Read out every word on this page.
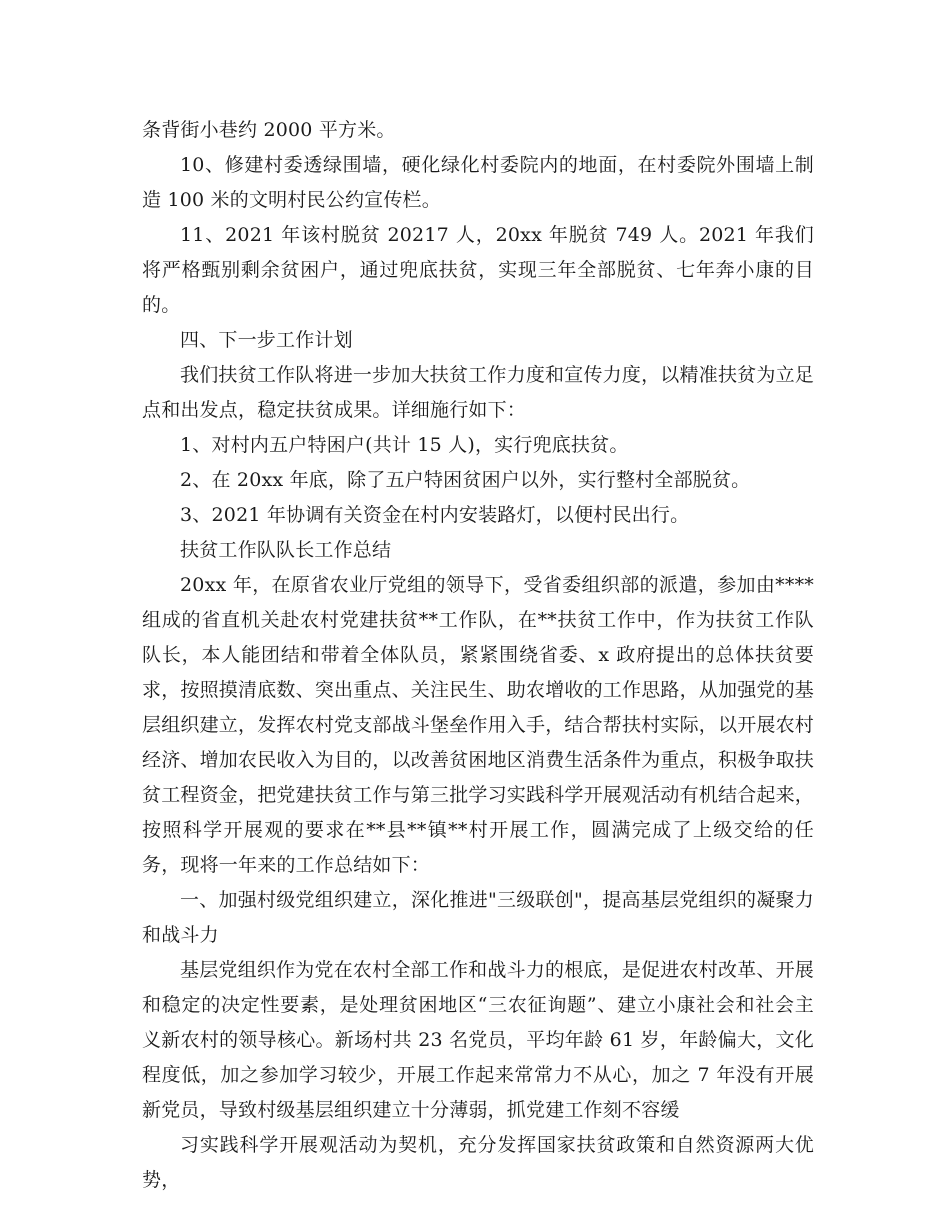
条背街小巷约 2000 平方米。

10、修建村委透绿围墙，硬化绿化村委院内的地面，在村委院外围墙上制造 100 米的文明村民公约宣传栏。

11、2021 年该村脱贫 20217 人，20xx 年脱贫 749 人。2021 年我们将严格甄别剩余贫困户，通过兜底扶贫，实现三年全部脱贫、七年奔小康的目的。

四、下一步工作计划

我们扶贫工作队将进一步加大扶贫工作力度和宣传力度，以精准扶贫为立足点和出发点，稳定扶贫成果。详细施行如下：

1、对村内五户特困户(共计 15 人)，实行兜底扶贫。

2、在 20xx 年底，除了五户特困贫困户以外，实行整村全部脱贫。

3、2021 年协调有关资金在村内安装路灯，以便村民出行。

扶贫工作队队长工作总结

20xx 年，在原省农业厅党组的领导下，受省委组织部的派遣，参加由****组成的省直机关赴农村党建扶贫**工作队，在**扶贫工作中，作为扶贫工作队队长，本人能团结和带着全体队员，紧紧围绕省委、x 政府提出的总体扶贫要求，按照摸清底数、突出重点、关注民生、助农增收的工作思路，从加强党的基层组织建立，发挥农村党支部战斗堡垒作用入手，结合帮扶村实际，以开展农村经济、增加农民收入为目的，以改善贫困地区消费生活条件为重点，积极争取扶贫工程资金，把党建扶贫工作与第三批学习实践科学开展观活动有机结合起来，按照科学开展观的要求在**县**镇**村开展工作，圆满完成了上级交给的任务，现将一年来的工作总结如下：

一、加强村级党组织建立，深化推进"三级联创"，提高基层党组织的凝聚力和战斗力

基层党组织作为党在农村全部工作和战斗力的根底，是促进农村改革、开展和稳定的决定性要素，是处理贫困地区“三农征询题”、建立小康社会和社会主义新农村的领导核心。新场村共 23 名党员，平均年龄 61 岁，年龄偏大，文化程度低，加之参加学习较少，开展工作起来常常力不从心，加之 7 年没有开展新党员，导致村级基层组织建立十分薄弱，抓党建工作刻不容缓

习实践科学开展观活动为契机，充分发挥国家扶贫政策和自然资源两大优势，
